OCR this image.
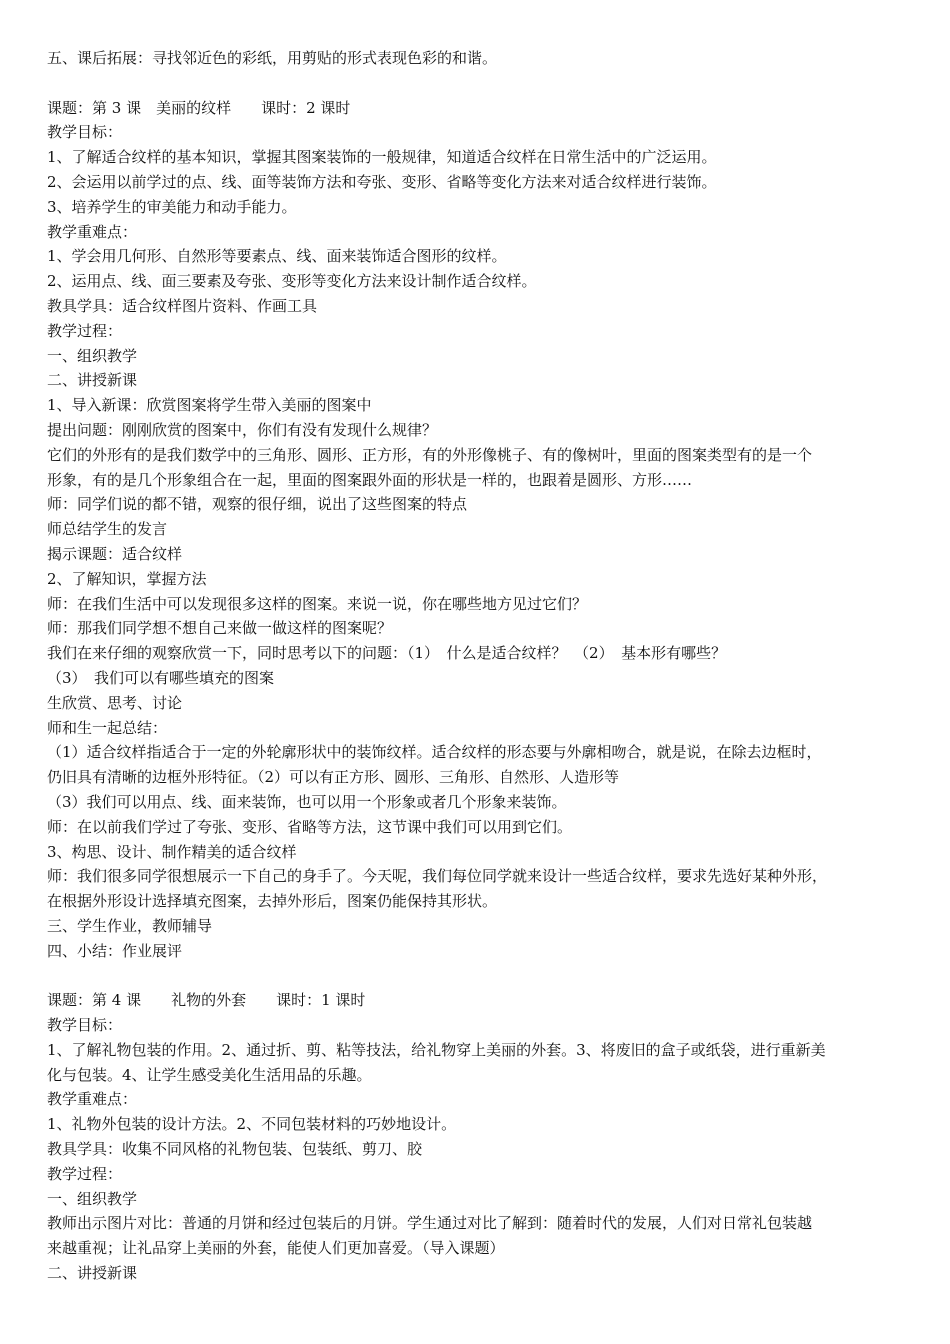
五、课后拓展：寻找邻近色的彩纸，用剪贴的形式表现色彩的和谐。
课题：第 3 课　美丽的纹样　　课时：2 课时
教学目标：
1、了解适合纹样的基本知识，掌握其图案装饰的一般规律，知道适合纹样在日常生活中的广泛运用。
2、会运用以前学过的点、线、面等装饰方法和夸张、变形、省略等变化方法来对适合纹样进行装饰。
3、培养学生的审美能力和动手能力。
教学重难点：
1、学会用几何形、自然形等要素点、线、面来装饰适合图形的纹样。
2、运用点、线、面三要素及夸张、变形等变化方法来设计制作适合纹样。
教具学具：适合纹样图片资料、作画工具
教学过程：
一、组织教学
二、讲授新课
1、导入新课：欣赏图案将学生带入美丽的图案中
提出问题：刚刚欣赏的图案中，你们有没有发现什么规律？
它们的外形有的是我们数学中的三角形、圆形、正方形，有的外形像桃子、有的像树叶，里面的图案类型有的是一个
形象，有的是几个形象组合在一起，里面的图案跟外面的形状是一样的，也跟着是圆形、方形……
师：同学们说的都不错，观察的很仔细，说出了这些图案的特点
师总结学生的发言
揭示课题：适合纹样
2、了解知识，掌握方法
师：在我们生活中可以发现很多这样的图案。来说一说，你在哪些地方见过它们？
师：那我们同学想不想自己来做一做这样的图案呢？
我们在来仔细的观察欣赏一下，同时思考以下的问题：（1）　什么是适合纹样？　（2）　基本形有哪些？
（3）　我们可以有哪些填充的图案
生欣赏、思考、讨论
师和生一起总结：
（1）适合纹样指适合于一定的外轮廓形状中的装饰纹样。适合纹样的形态要与外廓相吻合，就是说，在除去边框时，
仍旧具有清晰的边框外形特征。（2）可以有正方形、圆形、三角形、自然形、人造形等
（3）我们可以用点、线、面来装饰，也可以用一个形象或者几个形象来装饰。
师：在以前我们学过了夸张、变形、省略等方法，这节课中我们可以用到它们。
3、构思、设计、制作精美的适合纹样
师：我们很多同学很想展示一下自己的身手了。今天呢，我们每位同学就来设计一些适合纹样，要求先选好某种外形，
在根据外形设计选择填充图案，去掉外形后，图案仍能保持其形状。
三、学生作业，教师辅导
四、小结：作业展评
课题：第 4 课　　礼物的外套　　课时：1 课时
教学目标：
1、了解礼物包装的作用。2、通过折、剪、粘等技法，给礼物穿上美丽的外套。3、将废旧的盒子或纸袋，进行重新美
化与包装。4、让学生感受美化生活用品的乐趣。
教学重难点：
1、礼物外包装的设计方法。2、不同包装材料的巧妙地设计。
教具学具：收集不同风格的礼物包装、包装纸、剪刀、胶
教学过程：
一、组织教学
教师出示图片对比：普通的月饼和经过包装后的月饼。学生通过对比了解到：随着时代的发展，人们对日常礼包装越
来越重视；让礼品穿上美丽的外套，能使人们更加喜爱。（导入课题）
二、讲授新课
